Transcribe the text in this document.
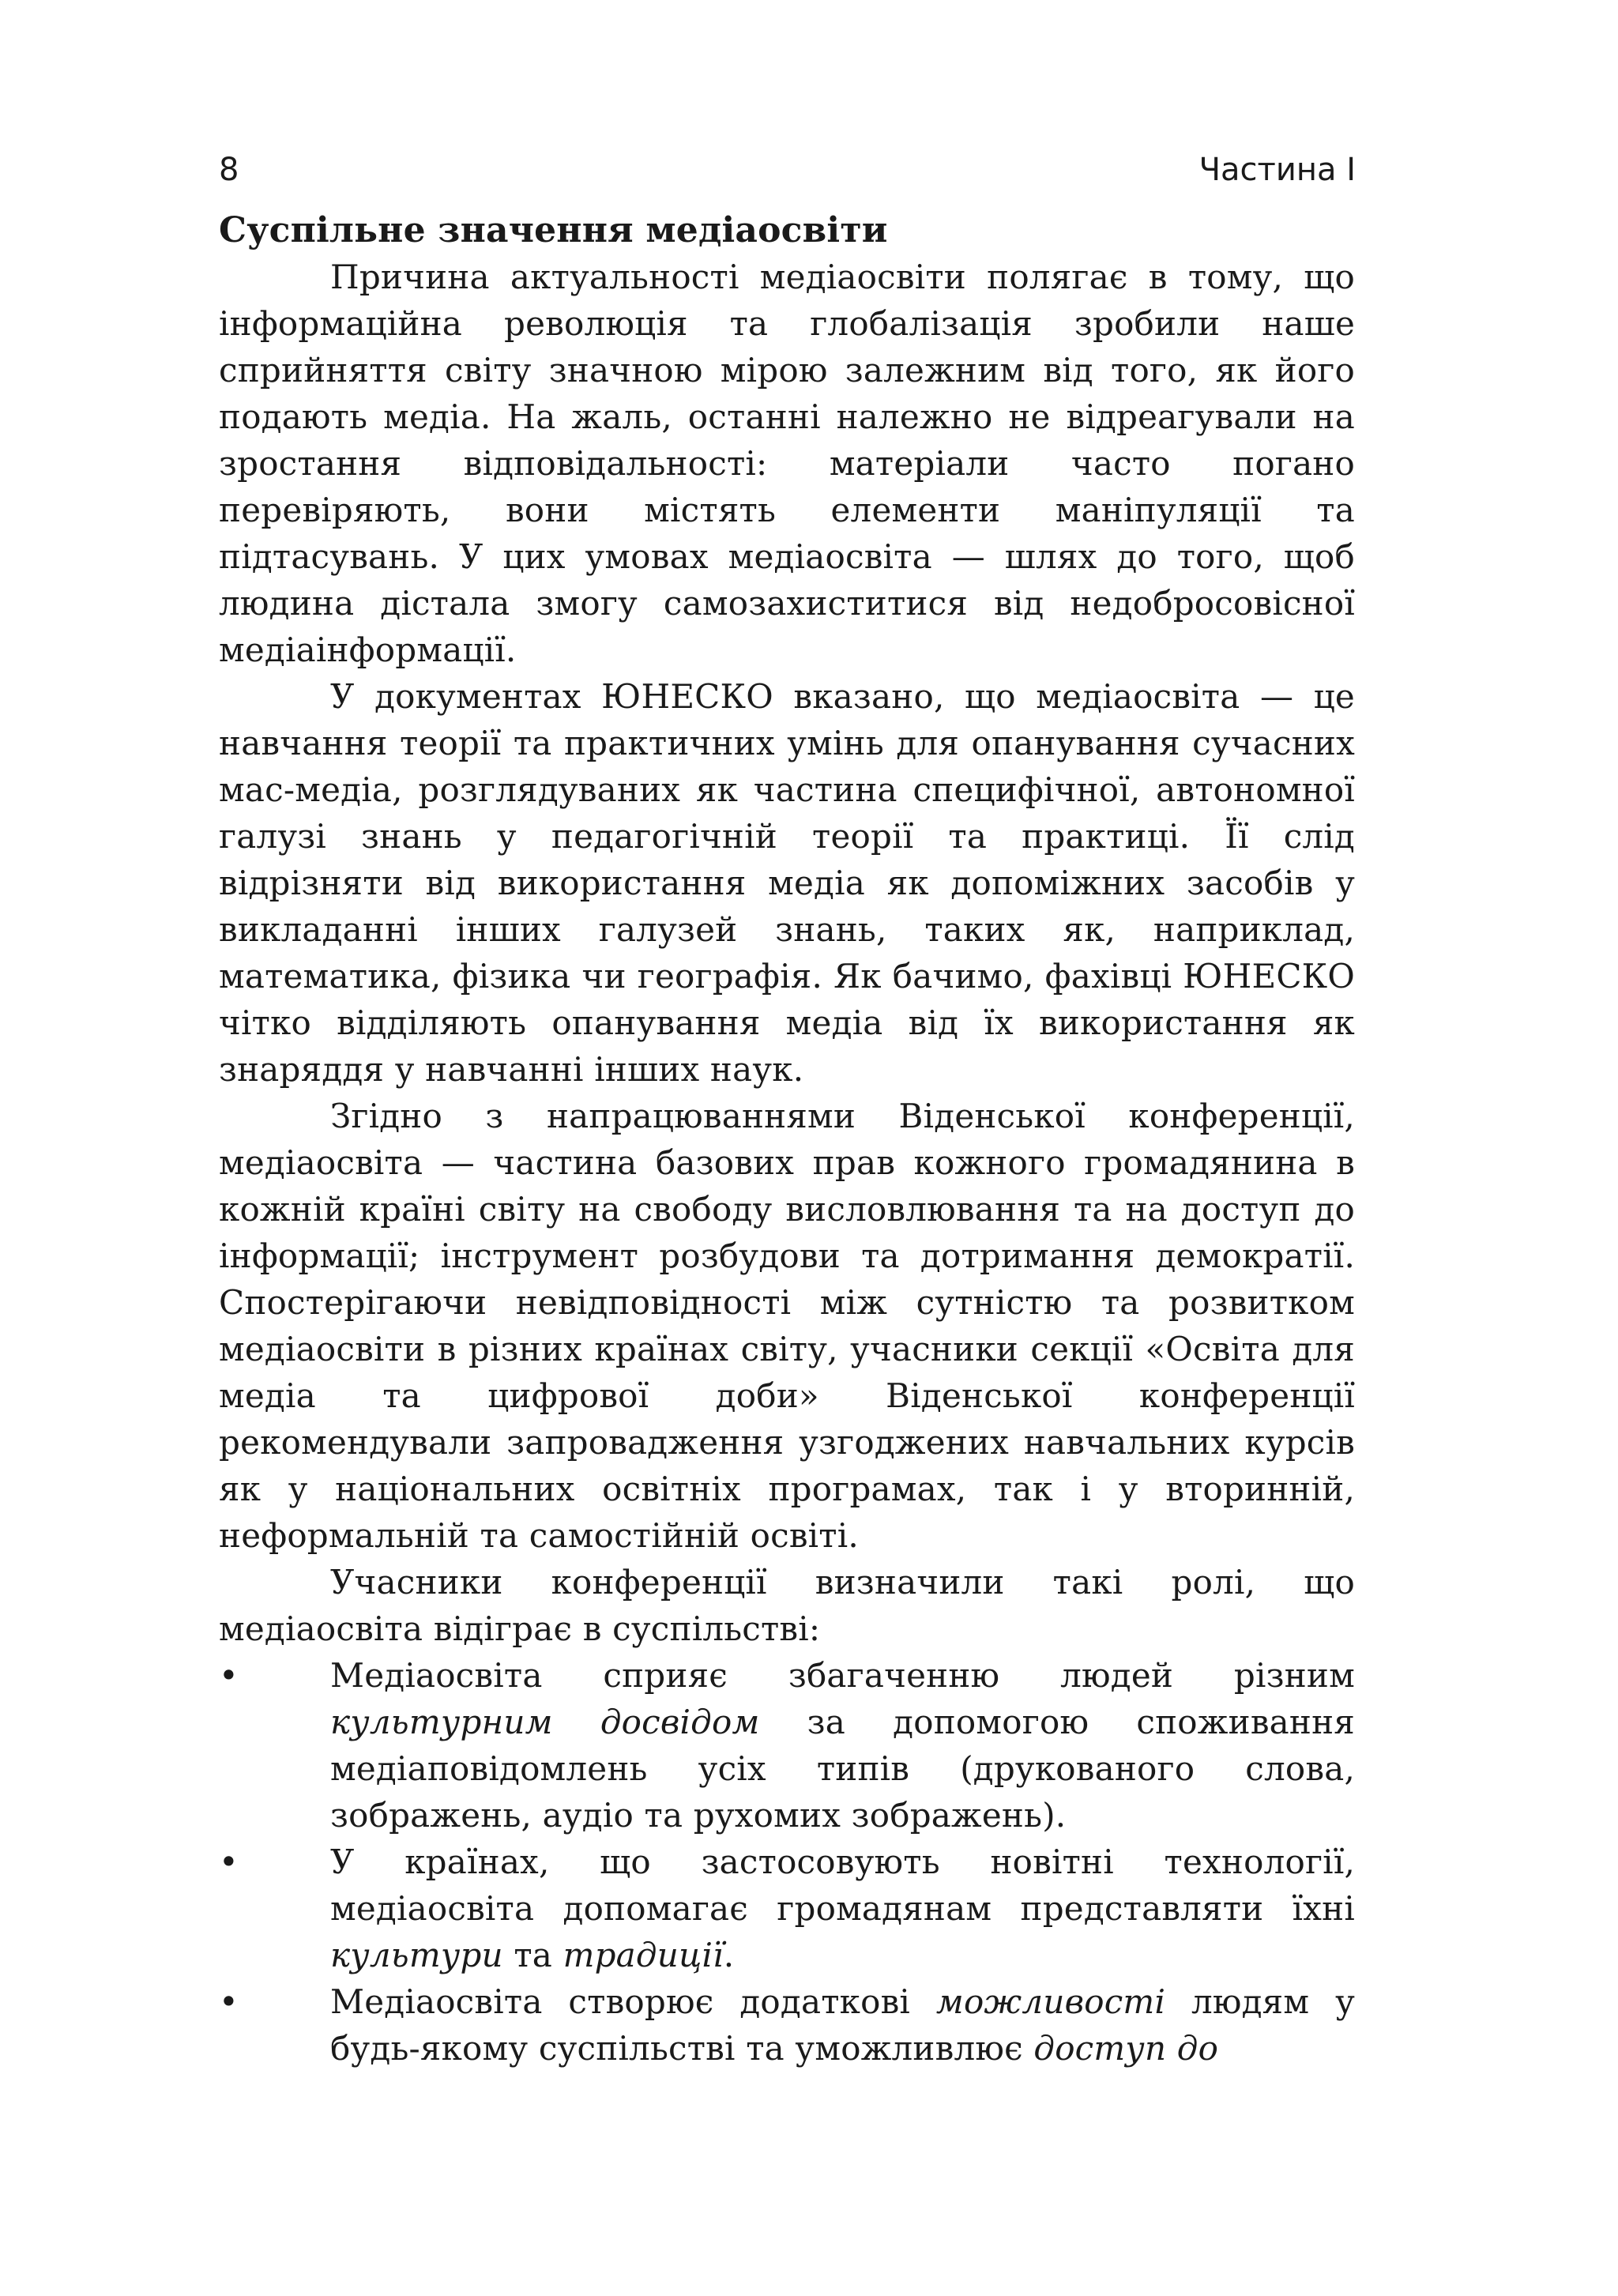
8	Частина I
Суспільне значення медіаосвіти

Причина актуальності медіаосвіти полягає в тому, що інформаційна революція та глобалізація зробили наше сприйняття світу значною мірою залежним від того, як його подають медіа. На жаль, останні належно не відреагували на зростання відповідальності: матеріали часто погано перевіряють, вони містять елементи маніпуляції та підтасувань. У цих умовах медіаосвіта — шлях до того, щоб людина дістала змогу самозахиститися від недобросовісної медіаінформації.

У документах ЮНЕСКО вказано, що медіаосвіта — це навчання теорії та практичних умінь для опанування сучасних мас-медіа, розглядуваних як частина специфічної, автономної галузі знань у педагогічній теорії та практиці. Її слід відрізняти від використання медіа як допоміжних засобів у викладанні інших галузей знань, таких як, наприклад, математика, фізика чи географія. Як бачимо, фахівці ЮНЕСКО чітко відділяють опанування медіа від їх використання як знаряддя у навчанні інших наук.

Згідно з напрацюваннями Віденської конференції, медіаосвіта — частина базових прав кожного громадянина в кожній країні світу на свободу висловлювання та на доступ до інформації; інструмент розбудови та дотримання демократії. Спостерігаючи невідповідності між сутністю та розвитком медіаосвіти в різних країнах світу, учасники секції «Освіта для медіа та цифрової доби» Віденської конференції рекомендували запровадження узгоджених навчальних курсів як у національних освітніх програмах, так і у вторинній, неформальній та самостійній освіті.

Учасники конференції визначили такі ролі, що медіаосвіта відіграє в суспільстві:

•	Медіаосвіта сприяє збагаченню людей різним культурним досвідом за допомогою споживання медіаповідомлень усіх типів (друкованого слова, зображень, аудіо та рухомих зображень).
•	У країнах, що застосовують новітні технології, медіаосвіта допомагає громадянам представляти їхні культури та традиції.
•	Медіаосвіта створює додаткові можливості людям у будь-якому суспільстві та уможливлює доступ до
